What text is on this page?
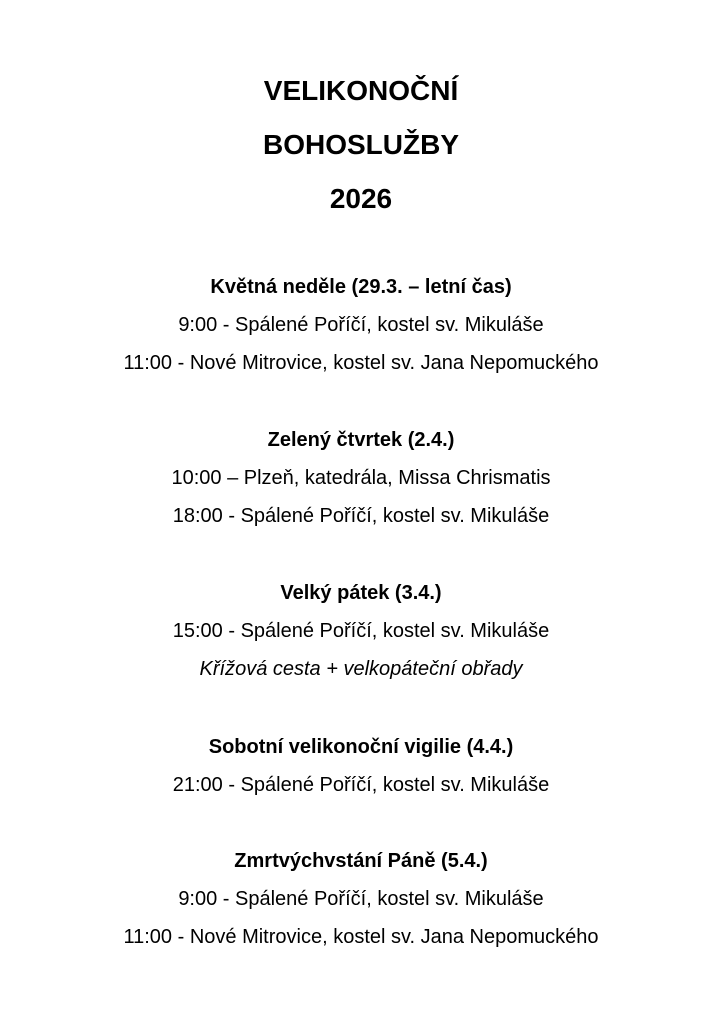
VELIKONOČNÍ
BOHOSLUŽBY
2026
Květná neděle (29.3. – letní čas)
9:00 - Spálené Poříčí, kostel sv. Mikuláše
11:00 - Nové Mitrovice, kostel sv. Jana Nepomuckého
Zelený čtvrtek (2.4.)
10:00 – Plzeň, katedrála, Missa Chrismatis
18:00 - Spálené Poříčí, kostel sv. Mikuláše
Velký pátek (3.4.)
15:00 - Spálené Poříčí, kostel sv. Mikuláše
Křížová cesta + velkopáteční obřady
Sobotní velikonoční vigilie (4.4.)
21:00 - Spálené Poříčí, kostel sv. Mikuláše
Zmrtvýchvstání Páně (5.4.)
9:00 - Spálené Poříčí, kostel sv. Mikuláše
11:00 - Nové Mitrovice, kostel sv. Jana Nepomuckého
